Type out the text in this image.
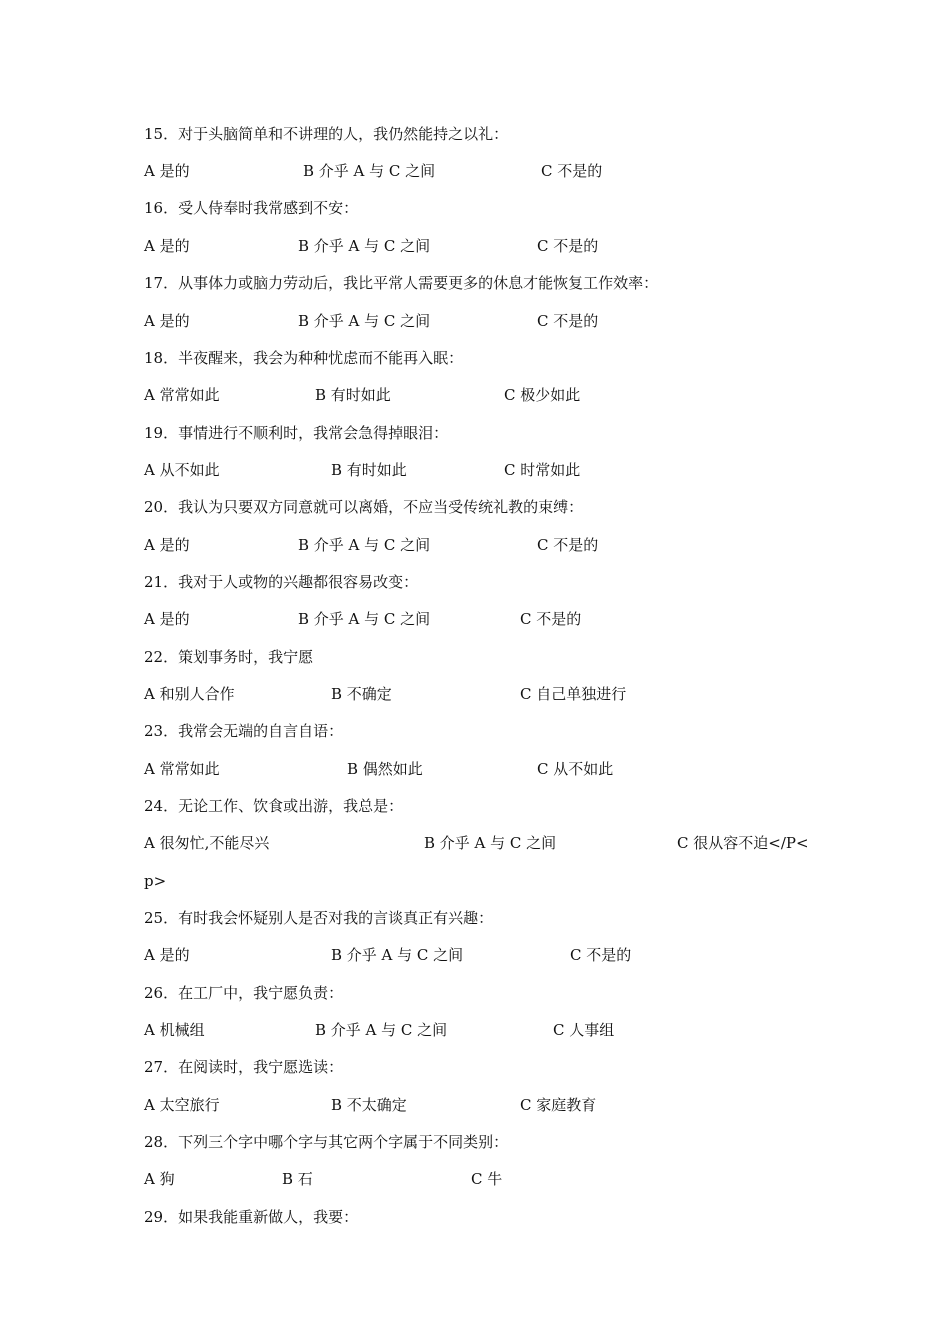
15．对于头脑简单和不讲理的人，我仍然能持之以礼：
A 是的	B 介乎 A 与 C 之间	C 不是的
16．受人侍奉时我常感到不安：
A 是的	B 介乎 A 与 C 之间	C 不是的
17．从事体力或脑力劳动后，我比平常人需要更多的休息才能恢复工作效率：
A 是的	B 介乎 A 与 C 之间	C 不是的
18．半夜醒来，我会为种种忧虑而不能再入眠：
A 常常如此	B 有时如此	C 极少如此
19．事情进行不顺利时，我常会急得掉眼泪：
A 从不如此	B 有时如此	C 时常如此
20．我认为只要双方同意就可以离婚，不应当受传统礼教的束缚：
A 是的	B 介乎 A 与 C 之间	C 不是的
21．我对于人或物的兴趣都很容易改变：
A 是的	B 介乎 A 与 C 之间	C 不是的
22．策划事务时，我宁愿
A 和别人合作	B 不确定	C 自己单独进行
23．我常会无端的自言自语：
A 常常如此	B 偶然如此	C 从不如此
24．无论工作、饮食或出游，我总是：
A 很匆忙,不能尽兴	B 介乎 A 与 C 之间	C 很从容不迫</P<
p>
25．有时我会怀疑别人是否对我的言谈真正有兴趣：
A 是的	B 介乎 A 与 C 之间	C 不是的
26．在工厂中，我宁愿负责：
A 机械组	B 介乎 A 与 C 之间	C 人事组
27．在阅读时，我宁愿选读：
A 太空旅行	B 不太确定	C 家庭教育
28．下列三个字中哪个字与其它两个字属于不同类别：
A 狗	B 石	C 牛
29．如果我能重新做人，我要：
